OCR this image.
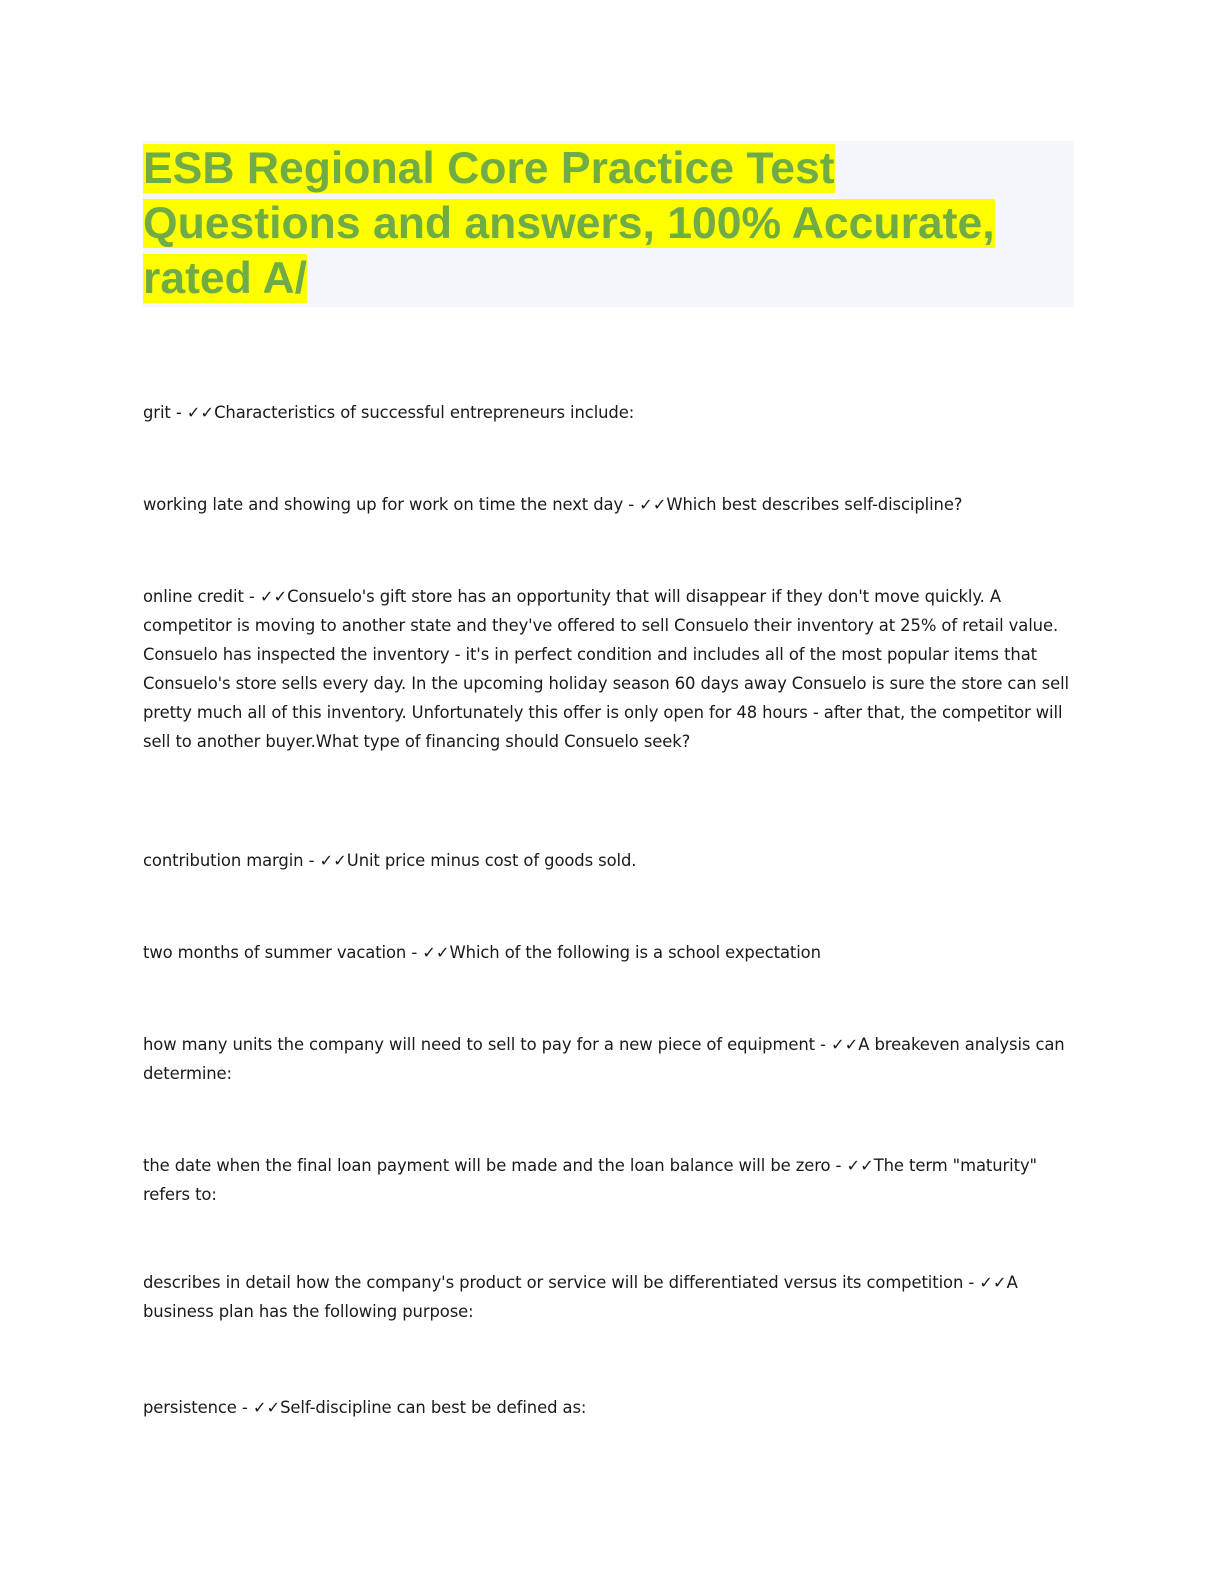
ESB Regional Core Practice Test
Questions and answers, 100% Accurate,
rated A/

grit - ✓✓Characteristics of successful entrepreneurs include:

working late and showing up for work on time the next day - ✓✓Which best describes self-discipline?

online credit - ✓✓Consuelo's gift store has an opportunity that will disappear if they don't move quickly. A competitor is moving to another state and they've offered to sell Consuelo their inventory at 25% of retail value. Consuelo has inspected the inventory - it's in perfect condition and includes all of the most popular items that Consuelo's store sells every day. In the upcoming holiday season 60 days away Consuelo is sure the store can sell pretty much all of this inventory. Unfortunately this offer is only open for 48 hours - after that, the competitor will sell to another buyer.What type of financing should Consuelo seek?

contribution margin - ✓✓Unit price minus cost of goods sold.

two months of summer vacation - ✓✓Which of the following is a school expectation

how many units the company will need to sell to pay for a new piece of equipment - ✓✓A breakeven analysis can determine:

the date when the final loan payment will be made and the loan balance will be zero - ✓✓The term "maturity" refers to:

describes in detail how the company's product or service will be differentiated versus its competition - ✓✓A business plan has the following purpose:

persistence - ✓✓Self-discipline can best be defined as:
